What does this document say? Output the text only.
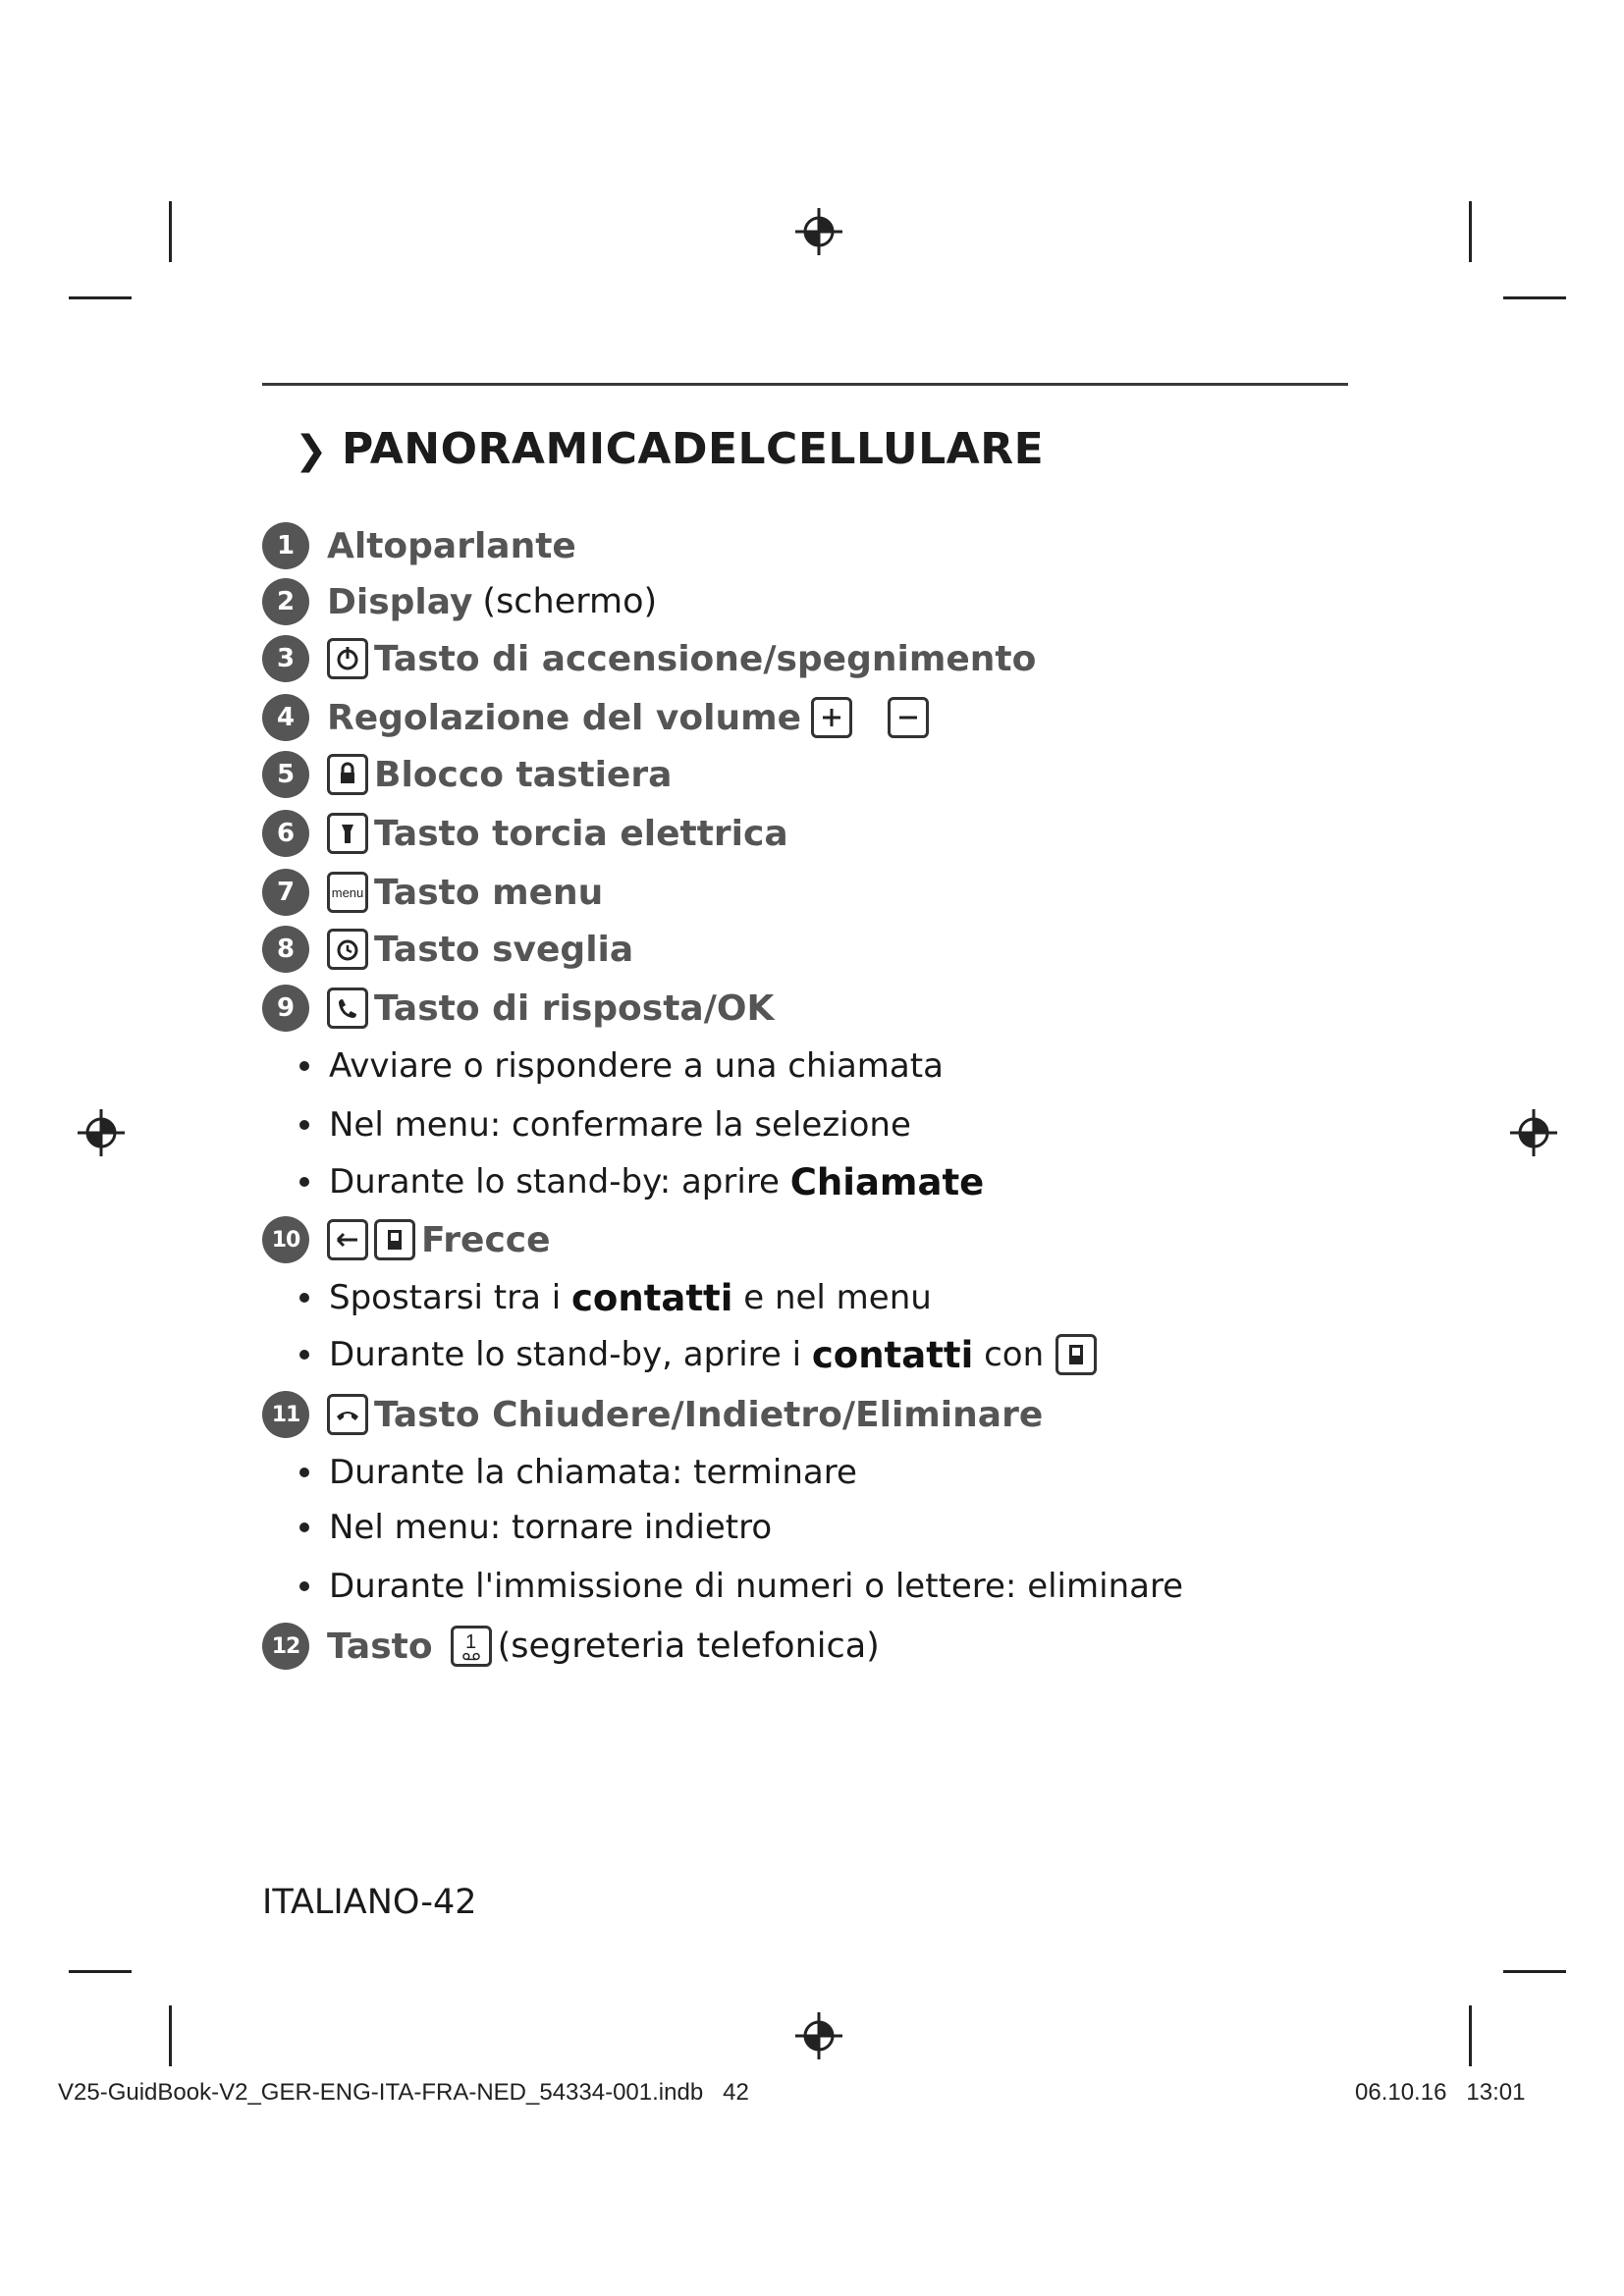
❯ PANORAMICADELCELLULARE
1 Altoparlante
2 Display (schermo)
3	Tasto di accensione/spegnimento
4 Regolazione del volume
5	Blocco tastiera
6	Tasto torcia elettrica
7	menu Tasto menu
8	Tasto sveglia
9	Tasto di risposta/OK
Avviare o rispondere a una chiamata
Nel menu: confermare la selezione
Durante lo stand-by: aprire Chiamate
10	Frecce
Spostarsi tra i contatti e nel menu
Durante lo stand-by, aprire i contatti con
11 Tasto Chiudere/Indietro/Eliminare
Durante la chiamata: terminare
Nel menu: tornare indietro
Durante l'immissione di numeri o lettere: eliminare
12 Tasto 1 (segreteria telefonica)
ITALIANO-42
V25-GuidBook-V2_GER-ENG-ITA-FRA-NED_54334-001.indb   42	06.10.16   13:01
